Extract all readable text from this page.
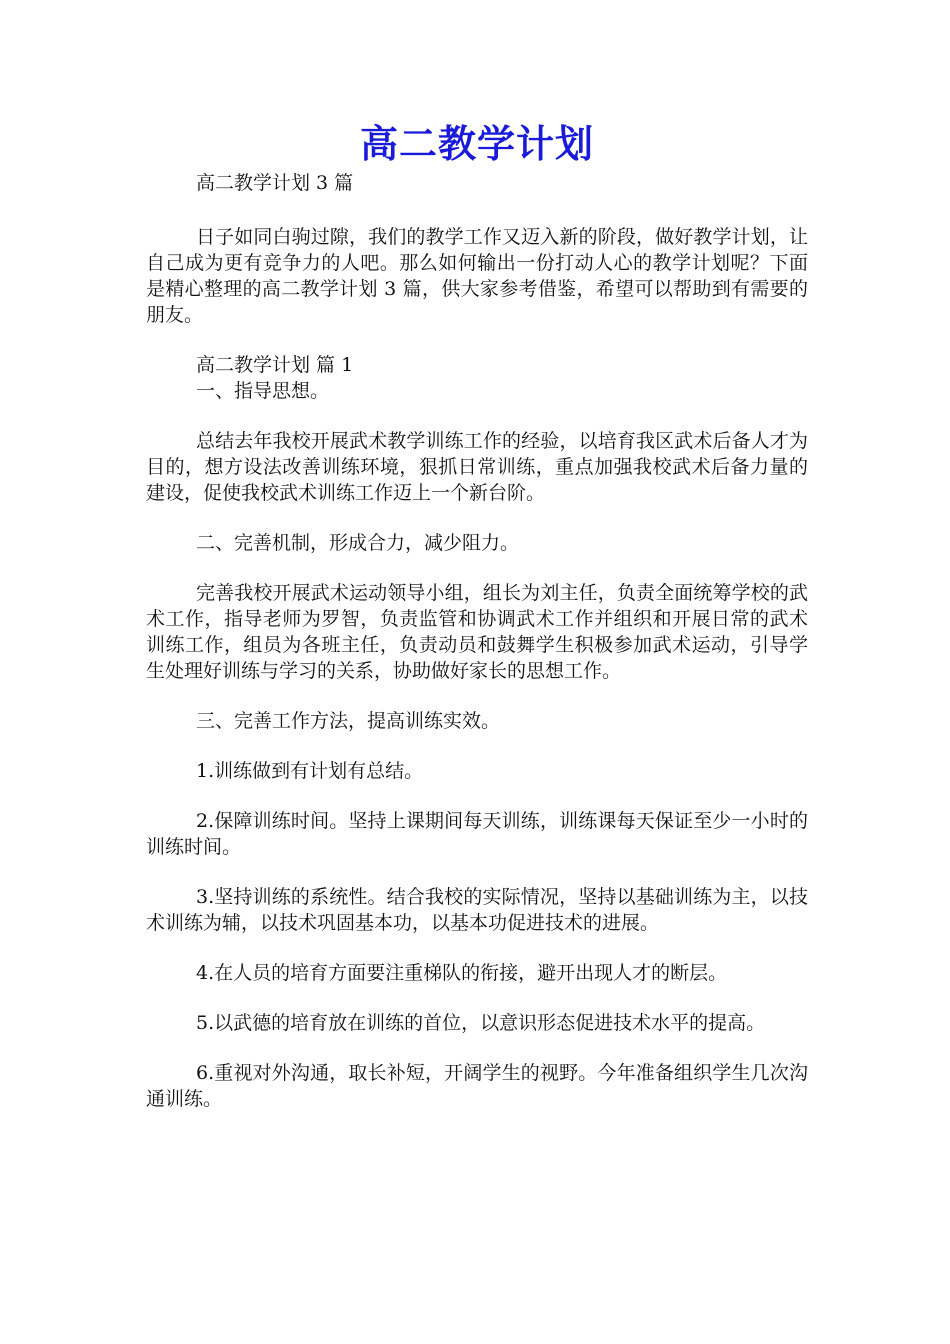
高二教学计划
高二教学计划 3 篇

日子如同白驹过隙，我们的教学工作又迈入新的阶段，做好教学计划，让自己成为更有竞争力的人吧。那么如何输出一份打动人心的教学计划呢？下面是精心整理的高二教学计划 3 篇，供大家参考借鉴，希望可以帮助到有需要的朋友。

高二教学计划 篇 1

一、指导思想。

总结去年我校开展武术教学训练工作的经验，以培育我区武术后备人才为目的，想方设法改善训练环境，狠抓日常训练，重点加强我校武术后备力量的建设，促使我校武术训练工作迈上一个新台阶。

二、完善机制，形成合力，减少阻力。

完善我校开展武术运动领导小组，组长为刘主任，负责全面统筹学校的武术工作，指导老师为罗智，负责监管和协调武术工作并组织和开展日常的武术训练工作，组员为各班主任，负责动员和鼓舞学生积极参加武术运动，引导学生处理好训练与学习的关系，协助做好家长的思想工作。

三、完善工作方法，提高训练实效。

1.训练做到有计划有总结。

2.保障训练时间。坚持上课期间每天训练，训练课每天保证至少一小时的训练时间。

3.坚持训练的系统性。结合我校的实际情况，坚持以基础训练为主，以技术训练为辅，以技术巩固基本功，以基本功促进技术的进展。

4.在人员的培育方面要注重梯队的衔接，避开出现人才的断层。

5.以武德的培育放在训练的首位，以意识形态促进技术水平的提高。

6.重视对外沟通，取长补短，开阔学生的视野。今年准备组织学生几次沟通训练。
